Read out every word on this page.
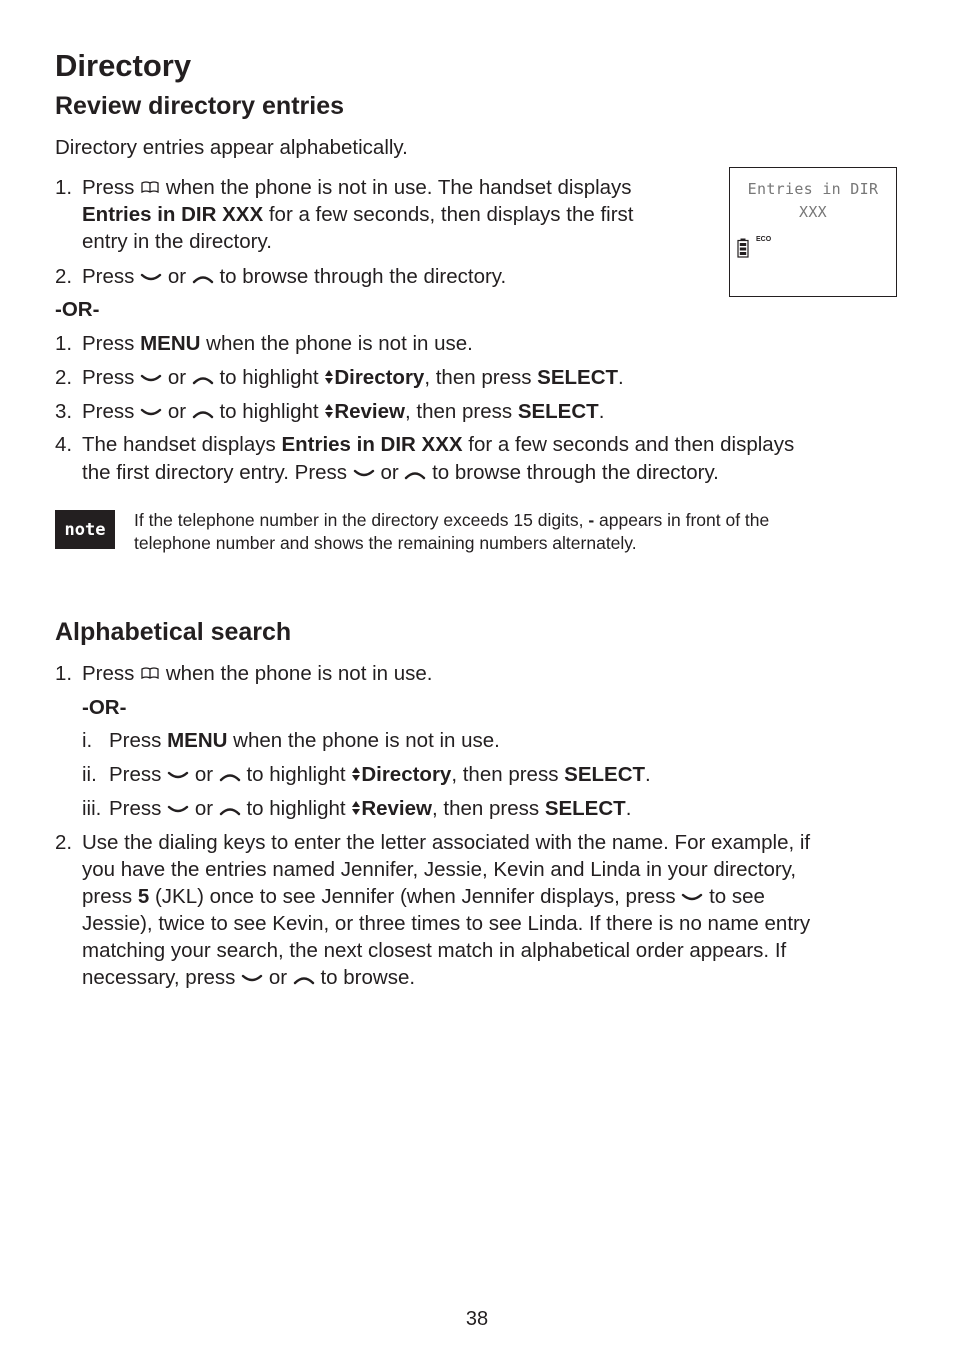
Directory
Review directory entries
Directory entries appear alphabetically.
1. Press when the phone is not in use. The handset displays
Entries in DIR XXX for a few seconds, then displays the first
entry in the directory.
2. Press or to browse through the directory.
-OR-
1. Press MENU when the phone is not in use.
2. Press or to highlight Directory, then press SELECT.
3. Press or to highlight Review, then press SELECT.
4. The handset displays Entries in DIR XXX for a few seconds and then displays
the first directory entry. Press or to browse through the directory.
Entries in DIR
XXX
ECO
note	If the telephone number in the directory exceeds 15 digits, - appears in front of the
telephone number and shows the remaining numbers alternately.
Alphabetical search
1. Press when the phone is not in use.
-OR-
i. Press MENU when the phone is not in use.
ii. Press or to highlight Directory, then press SELECT.
iii. Press or to highlight Review, then press SELECT.
2. Use the dialing keys to enter the letter associated with the name. For example, if
you have the entries named Jennifer, Jessie, Kevin and Linda in your directory,
press 5 (JKL) once to see Jennifer (when Jennifer displays, press to see
Jessie), twice to see Kevin, or three times to see Linda. If there is no name entry
matching your search, the next closest match in alphabetical order appears. If
necessary, press or to browse.
38
